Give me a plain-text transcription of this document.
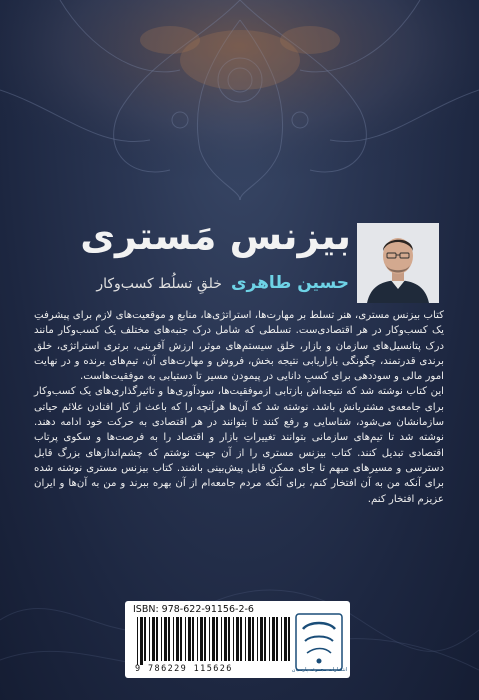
بیزنس مَستری
حسین طاهری خلقِ تسلُط کسب‌وکار
کتاب بیزنس مستری، هنر تسلط بر مهارت‌ها، استراتژی‌ها، منابع و موقعیت‌های لازم برای پیشرفتِ یک کسب‌وکار در هر اقتصادی‌ست. تسلطی که شامل درک جنبه‌های مختلف یک کسب‌وکار مانند درک پتانسیل‌های سازمان و بازار، خلق سیستم‌های موثر، ارزش آفرینی، برتری استراتژی، خلق برندی قدرتمند، چگونگی بازاریابی نتیجه بخش، فروش و مهارت‌های آن، تیم‌های برنده و در نهایت امور مالی و سوددهی برای کسبِ دانایی در پیمودن مسیر تا دستیابی به موفقیت‌هاست.
این کتاب نوشته شد که نتیجه‌اش بازتابی ازموفقیت‌ها، سودآوری‌ها و تاثیرگذاری‌های یک کسب‌وکار برای جامعه‌ی مشتریانش باشد. نوشته شد که آن‌ها هرآنچه را که باعث از کار افتادن علائم حیاتی سازمانشان می‌شود، شناسایی و رفع کنند تا بتوانند در هر اقتصادی به حرکت خود ادامه دهند. نوشته شد تا تیم‌های سازمانی بتوانند تغییراتِ بازار و اقتصاد را به فرصت‌ها و سکوی پرتاب اقتصادی تبدیل کنند. کتاب بیزنس مستری را از آن جهت نوشتم که چشم‌اندازهای بزرگ قابل دسترسی و مسیرهای مبهم تا جای ممکن قابل پیش‌بینی باشند. کتاب بیزنس مستری نوشته شده برای آنکه من به آن افتخار کنم، برای آنکه مردم جامعه‌ام از آن بهره ببرند و من به آن‌ها و ایران عزیزم افتخار کنم.
ISBN: 978-622-91156-2-6
9 786229 115626	انتشارات مجموعه پارسیان
